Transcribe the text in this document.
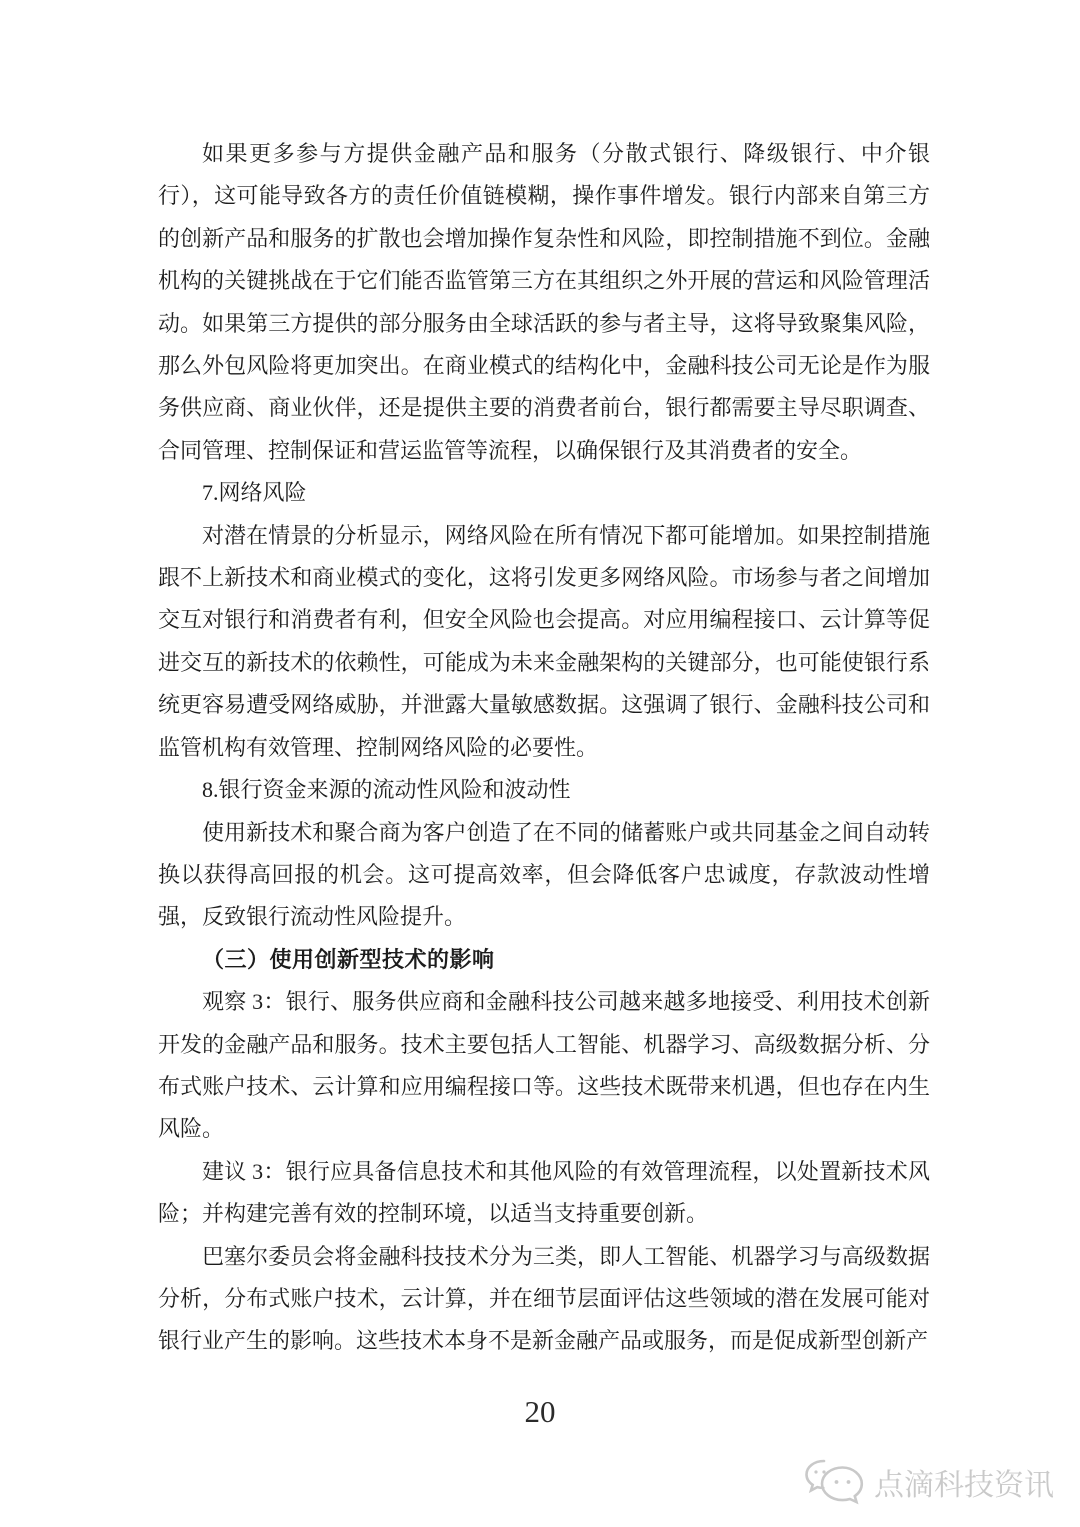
如果更多参与方提供金融产品和服务（分散式银行、降级银行、中介银行），这可能导致各方的责任价值链模糊，操作事件增发。银行内部来自第三方的创新产品和服务的扩散也会增加操作复杂性和风险，即控制措施不到位。金融机构的关键挑战在于它们能否监管第三方在其组织之外开展的营运和风险管理活动。如果第三方提供的部分服务由全球活跃的参与者主导，这将导致聚集风险，那么外包风险将更加突出。在商业模式的结构化中，金融科技公司无论是作为服务供应商、商业伙伴，还是提供主要的消费者前台，银行都需要主导尽职调查、合同管理、控制保证和营运监管等流程，以确保银行及其消费者的安全。
7.网络风险
对潜在情景的分析显示，网络风险在所有情况下都可能增加。如果控制措施跟不上新技术和商业模式的变化，这将引发更多网络风险。市场参与者之间增加交互对银行和消费者有利，但安全风险也会提高。对应用编程接口、云计算等促进交互的新技术的依赖性，可能成为未来金融架构的关键部分，也可能使银行系统更容易遭受网络威胁，并泄露大量敏感数据。这强调了银行、金融科技公司和监管机构有效管理、控制网络风险的必要性。
8.银行资金来源的流动性风险和波动性
使用新技术和聚合商为客户创造了在不同的储蓄账户或共同基金之间自动转换以获得高回报的机会。这可提高效率，但会降低客户忠诚度，存款波动性增强，反致银行流动性风险提升。
（三）使用创新型技术的影响
观察 3：银行、服务供应商和金融科技公司越来越多地接受、利用技术创新开发的金融产品和服务。技术主要包括人工智能、机器学习、高级数据分析、分布式账户技术、云计算和应用编程接口等。这些技术既带来机遇，但也存在内生风险。
建议 3：银行应具备信息技术和其他风险的有效管理流程，以处置新技术风险；并构建完善有效的控制环境，以适当支持重要创新。
巴塞尔委员会将金融科技技术分为三类，即人工智能、机器学习与高级数据分析，分布式账户技术，云计算，并在细节层面评估这些领域的潜在发展可能对银行业产生的影响。这些技术本身不是新金融产品或服务，而是促成新型创新产
20
点滴科技资讯
